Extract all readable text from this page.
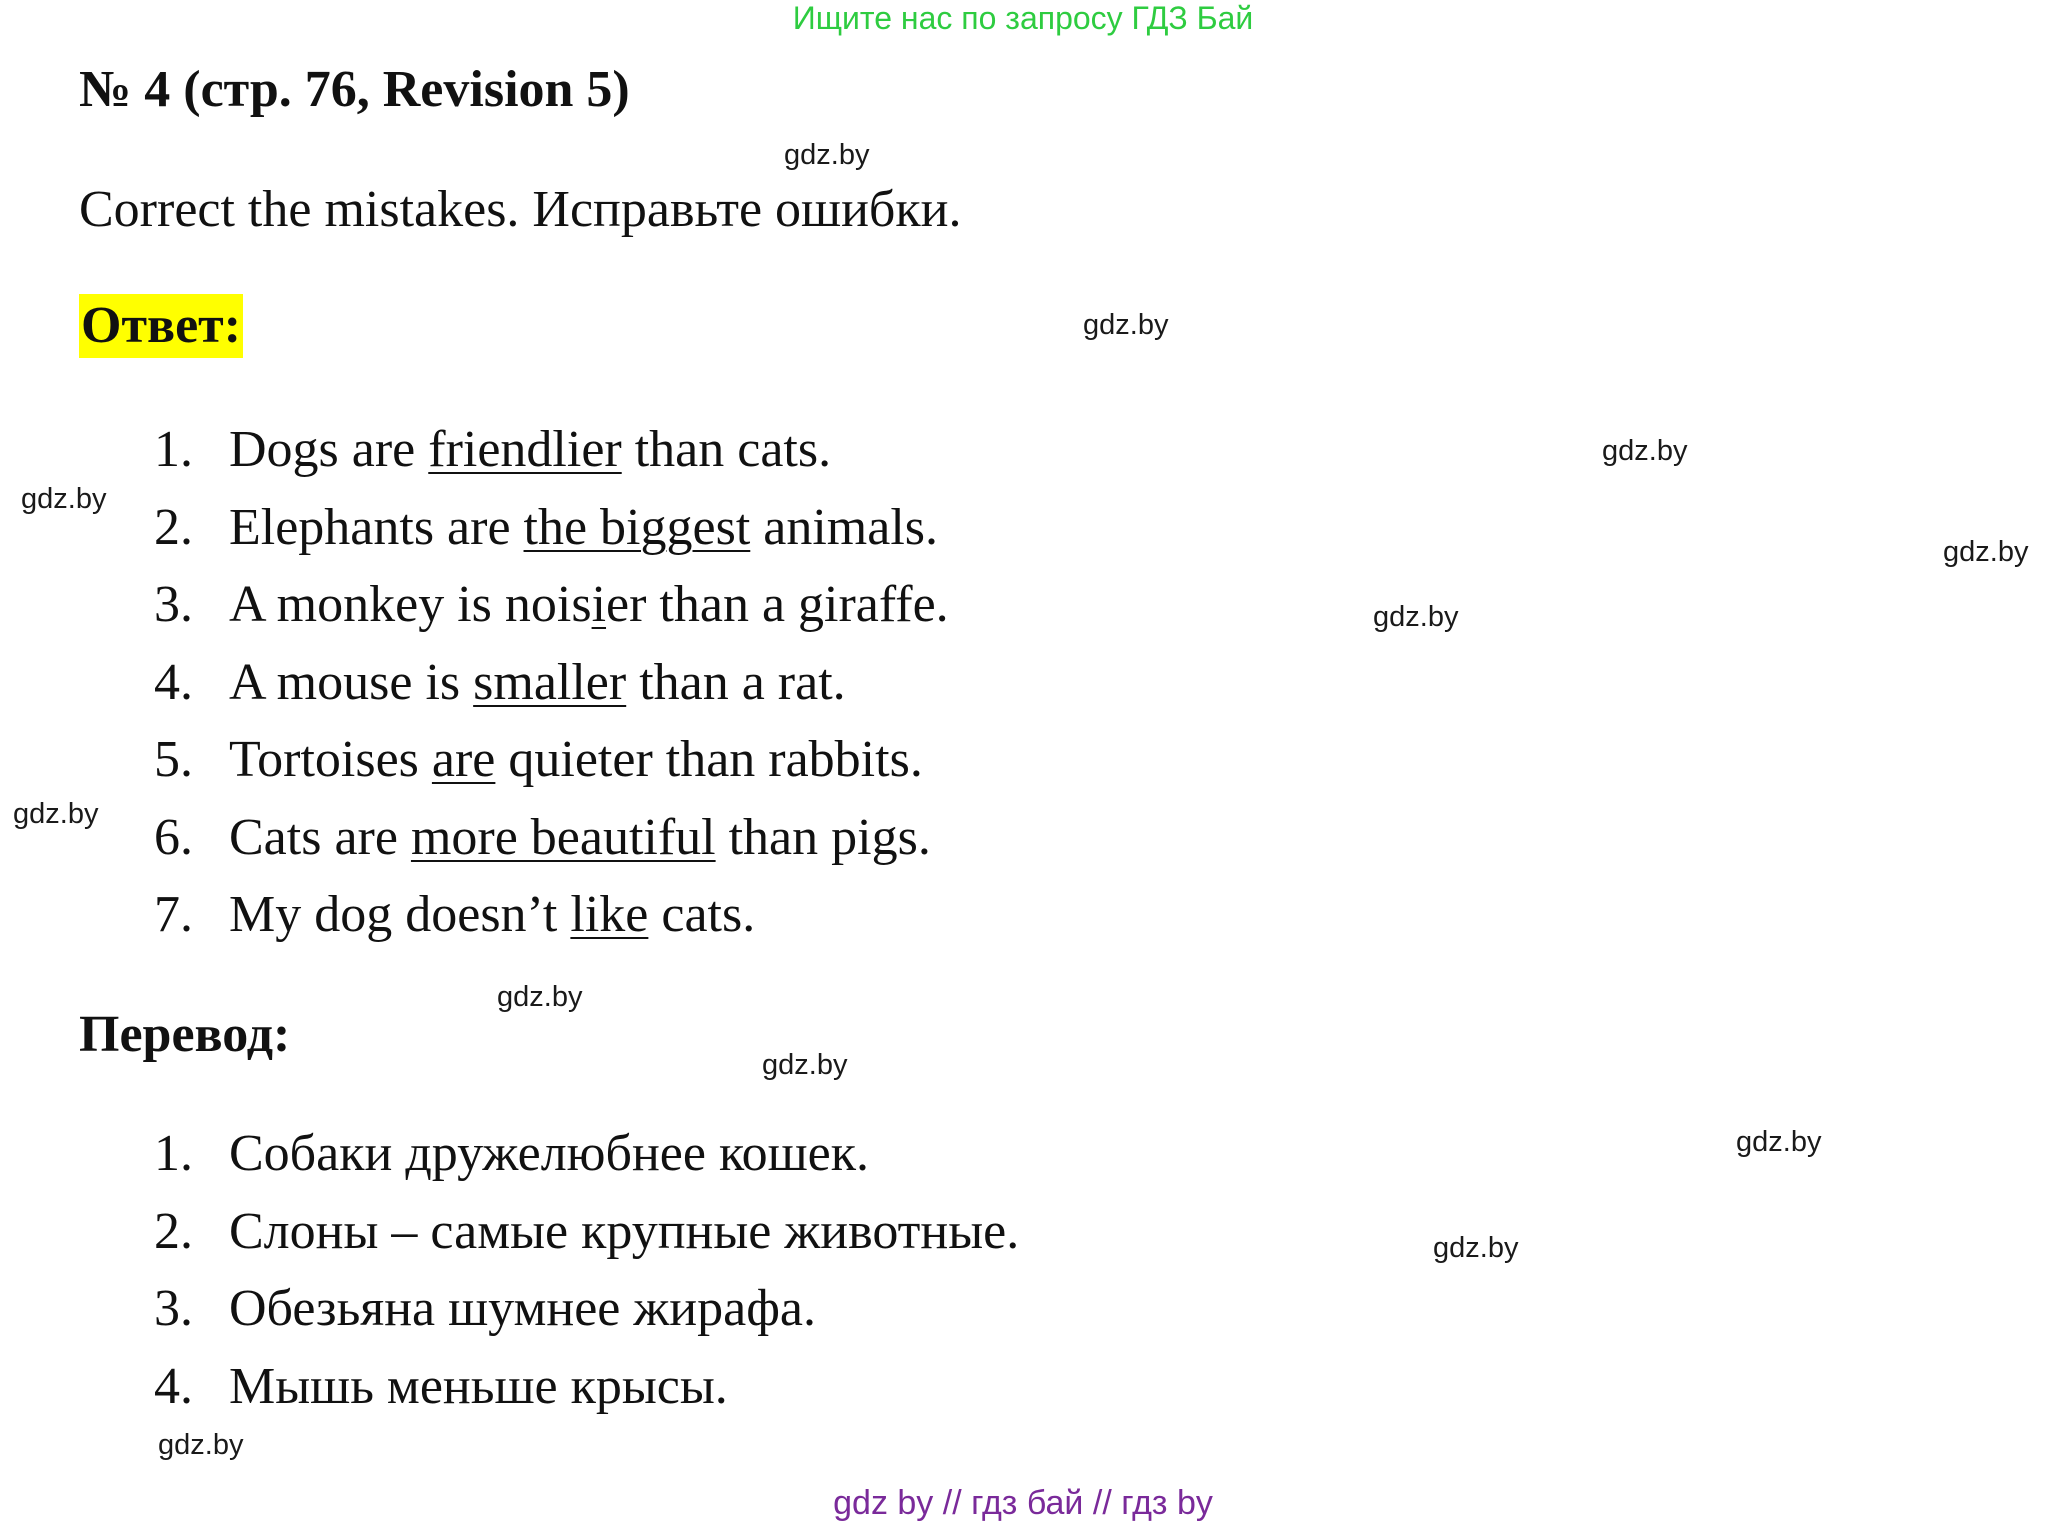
Ищите нас по запросу ГДЗ Бай
№ 4 (стр. 76, Revision 5)
Correct the mistakes. Исправьте ошибки.
Ответ:
1. Dogs are friendlier than cats.
2. Elephants are the biggest animals.
3. A monkey is noisier than a giraffe.
4. A mouse is smaller than a rat.
5. Tortoises are quieter than rabbits.
6. Cats are more beautiful than pigs.
7. My dog doesn’t like cats.
Перевод:
1. Собаки дружелюбнее кошек.
2. Слоны – самые крупные животные.
3. Обезьяна шумнее жирафа.
4. Мышь меньше крысы.
gdz.by
gdz.by
gdz.by
gdz.by
gdz.by
gdz.by
gdz.by
gdz.by
gdz.by
gdz.by
gdz.by
gdz.by
gdz by // гдз бай // гдз by
